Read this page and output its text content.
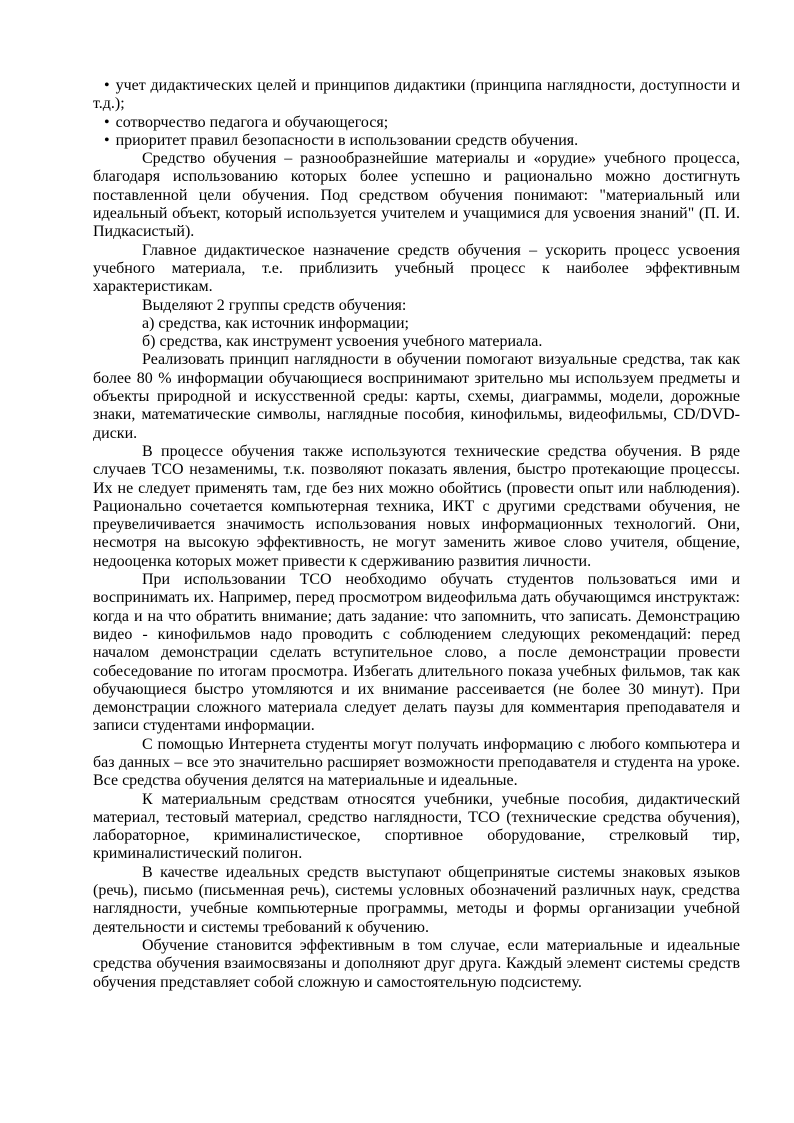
• учет дидактических целей и принципов дидактики (принципа наглядности, доступности и т.д.);

• сотворчество педагога и обучающегося;

• приоритет правил безопасности в использовании средств обучения.

Средство обучения – разнообразнейшие материалы и «орудие» учебного процесса, благодаря использованию которых более успешно и рационально можно достигнуть поставленной цели обучения. Под средством обучения понимают: "материальный или идеальный объект, который используется учителем и учащимися для усвоения знаний" (П. И. Пидкасистый).

Главное дидактическое назначение средств обучения – ускорить процесс усвоения учебного материала, т.е. приблизить учебный процесс к наиболее эффективным характеристикам.

Выделяют 2 группы средств обучения:

а) средства, как источник информации;

б) средства, как инструмент усвоения учебного материала.

Реализовать принцип наглядности в обучении помогают визуальные средства, так как более 80 % информации обучающиеся воспринимают зрительно мы используем предметы и объекты природной и искусственной среды: карты, схемы, диаграммы, модели, дорожные знаки, математические символы, наглядные пособия, кинофильмы, видеофильмы, CD/DVD-диски.

В процессе обучения также используются технические средства обучения. В ряде случаев ТСО незаменимы, т.к. позволяют показать явления, быстро протекающие процессы. Их не следует применять там, где без них можно обойтись (провести опыт или наблюдения). Рационально сочетается компьютерная техника, ИКТ с другими средствами обучения, не преувеличивается значимость использования новых информационных технологий. Они, несмотря на высокую эффективность, не могут заменить живое слово учителя, общение, недооценка которых может привести к сдерживанию развития личности.

При использовании ТСО необходимо обучать студентов пользоваться ими и воспринимать их. Например, перед просмотром видеофильма дать обучающимся инструктаж: когда и на что обратить внимание; дать задание: что запомнить, что записать. Демонстрацию видео - кинофильмов надо проводить с соблюдением следующих рекомендаций: перед началом демонстрации сделать вступительное слово, а после демонстрации провести собеседование по итогам просмотра. Избегать длительного показа учебных фильмов, так как обучающиеся быстро утомляются и их внимание рассеивается (не более 30 минут). При демонстрации сложного материала следует делать паузы для комментария преподавателя и записи студентами информации.

С помощью Интернета студенты могут получать информацию с любого компьютера и баз данных – все это значительно расширяет возможности преподавателя и студента на уроке. Все средства обучения делятся на материальные и идеальные.

К материальным средствам относятся учебники, учебные пособия, дидактический материал, тестовый материал, средство наглядности, ТСО (технические средства обучения), лабораторное, криминалистическое, спортивное оборудование, стрелковый тир, криминалистический полигон.

В качестве идеальных средств выступают общепринятые системы знаковых языков (речь), письмо (письменная речь), системы условных обозначений различных наук, средства наглядности, учебные компьютерные программы, методы и формы организации учебной деятельности и системы требований к обучению.

Обучение становится эффективным в том случае, если материальные и идеальные средства обучения взаимосвязаны и дополняют друг друга. Каждый элемент системы средств обучения представляет собой сложную и самостоятельную подсистему.
